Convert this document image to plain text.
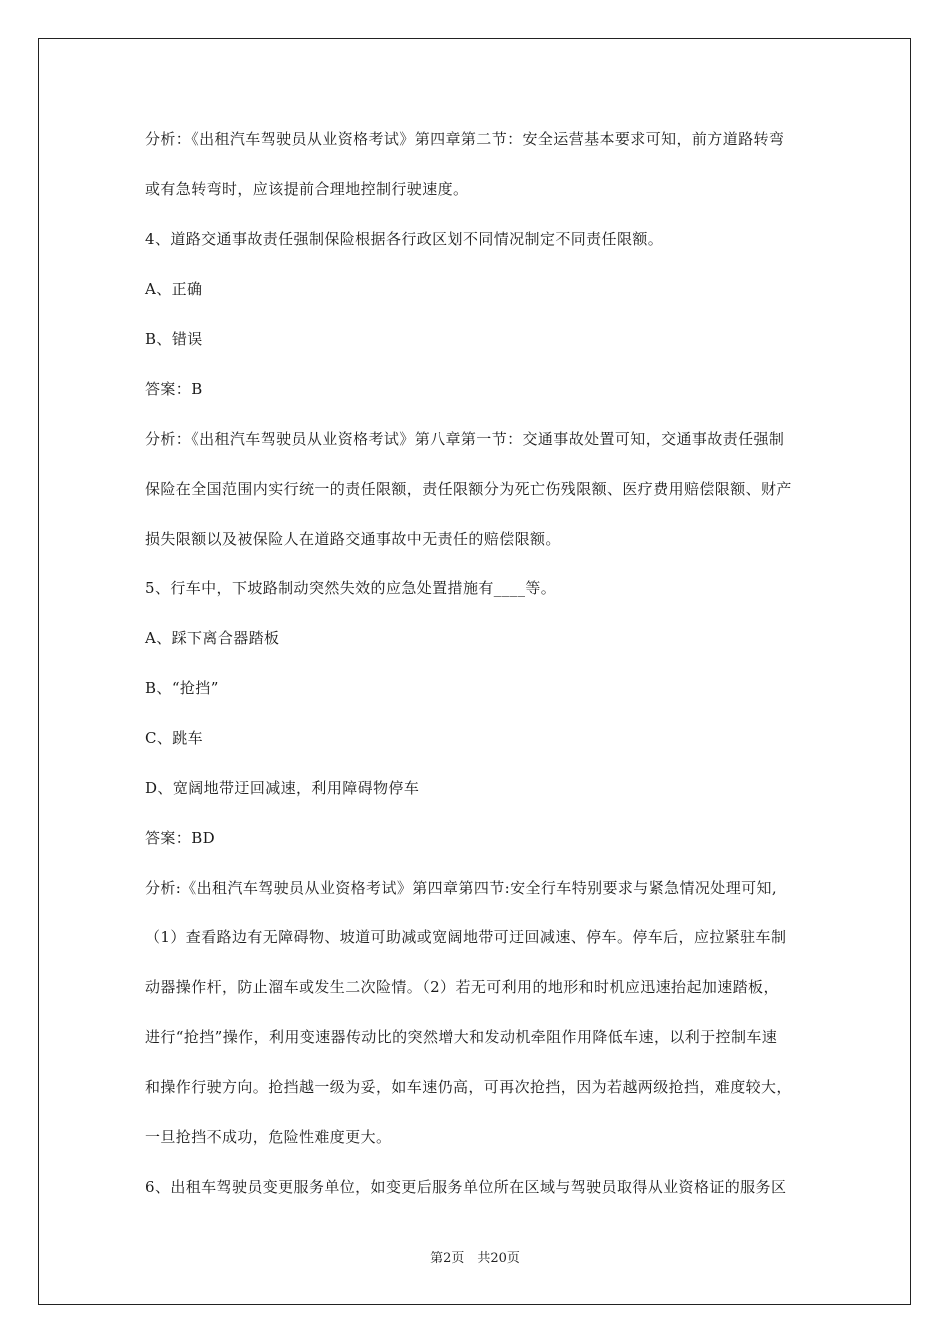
分析：《出租汽车驾驶员从业资格考试》第四章第二节：安全运营基本要求可知，前方道路转弯
或有急转弯时，应该提前合理地控制行驶速度。
4、道路交通事故责任强制保险根据各行政区划不同情况制定不同责任限额。
A、正确
B、错误
答案：B
分析：《出租汽车驾驶员从业资格考试》第八章第一节：交通事故处置可知，交通事故责任强制
保险在全国范围内实行统一的责任限额，责任限额分为死亡伤残限额、医疗费用赔偿限额、财产
损失限额以及被保险人在道路交通事故中无责任的赔偿限额。
5、行车中，下坡路制动突然失效的应急处置措施有____等。
A、踩下离合器踏板
B、“抢挡”
C、跳车
D、宽阔地带迂回减速，利用障碍物停车
答案：BD
分析:《出租汽车驾驶员从业资格考试》第四章第四节:安全行车特别要求与紧急情况处理可知,
（1）查看路边有无障碍物、坡道可助减或宽阔地带可迂回减速、停车。停车后，应拉紧驻车制
动器操作杆，防止溜车或发生二次险情。（2）若无可利用的地形和时机应迅速抬起加速踏板，
进行“抢挡”操作，利用变速器传动比的突然增大和发动机牵阻作用降低车速，以利于控制车速
和操作行驶方向。抢挡越一级为妥，如车速仍高，可再次抢挡，因为若越两级抢挡，难度较大，
一旦抢挡不成功，危险性难度更大。
6、出租车驾驶员变更服务单位，如变更后服务单位所在区域与驾驶员取得从业资格证的服务区
第2页　共20页
